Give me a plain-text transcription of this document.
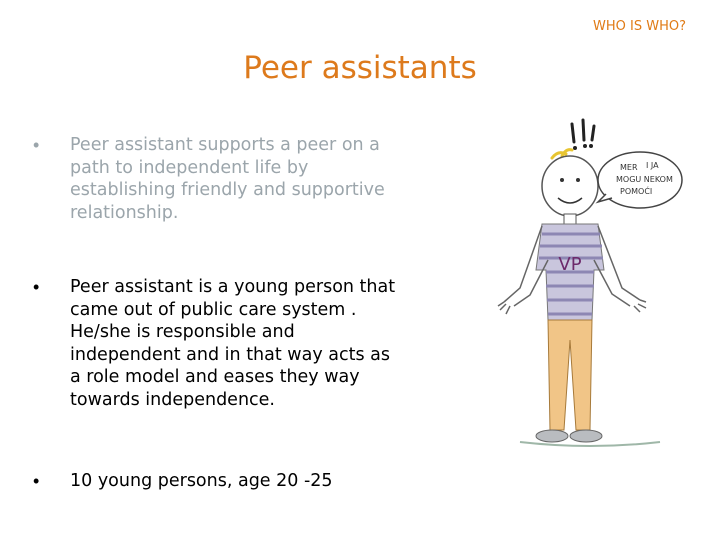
WHO IS WHO?
Peer assistants
• Peer assistant supports a peer on a path to independent life by establishing friendly and supportive relationship.
• Peer assistant is a young person that came out of public care system . He/she is responsible and independent and in that way acts as a role model and eases they way towards independence.
• 10 young persons, age 20 -25
VP
MER I JA
MOGU NEKOM
POMOĆI
